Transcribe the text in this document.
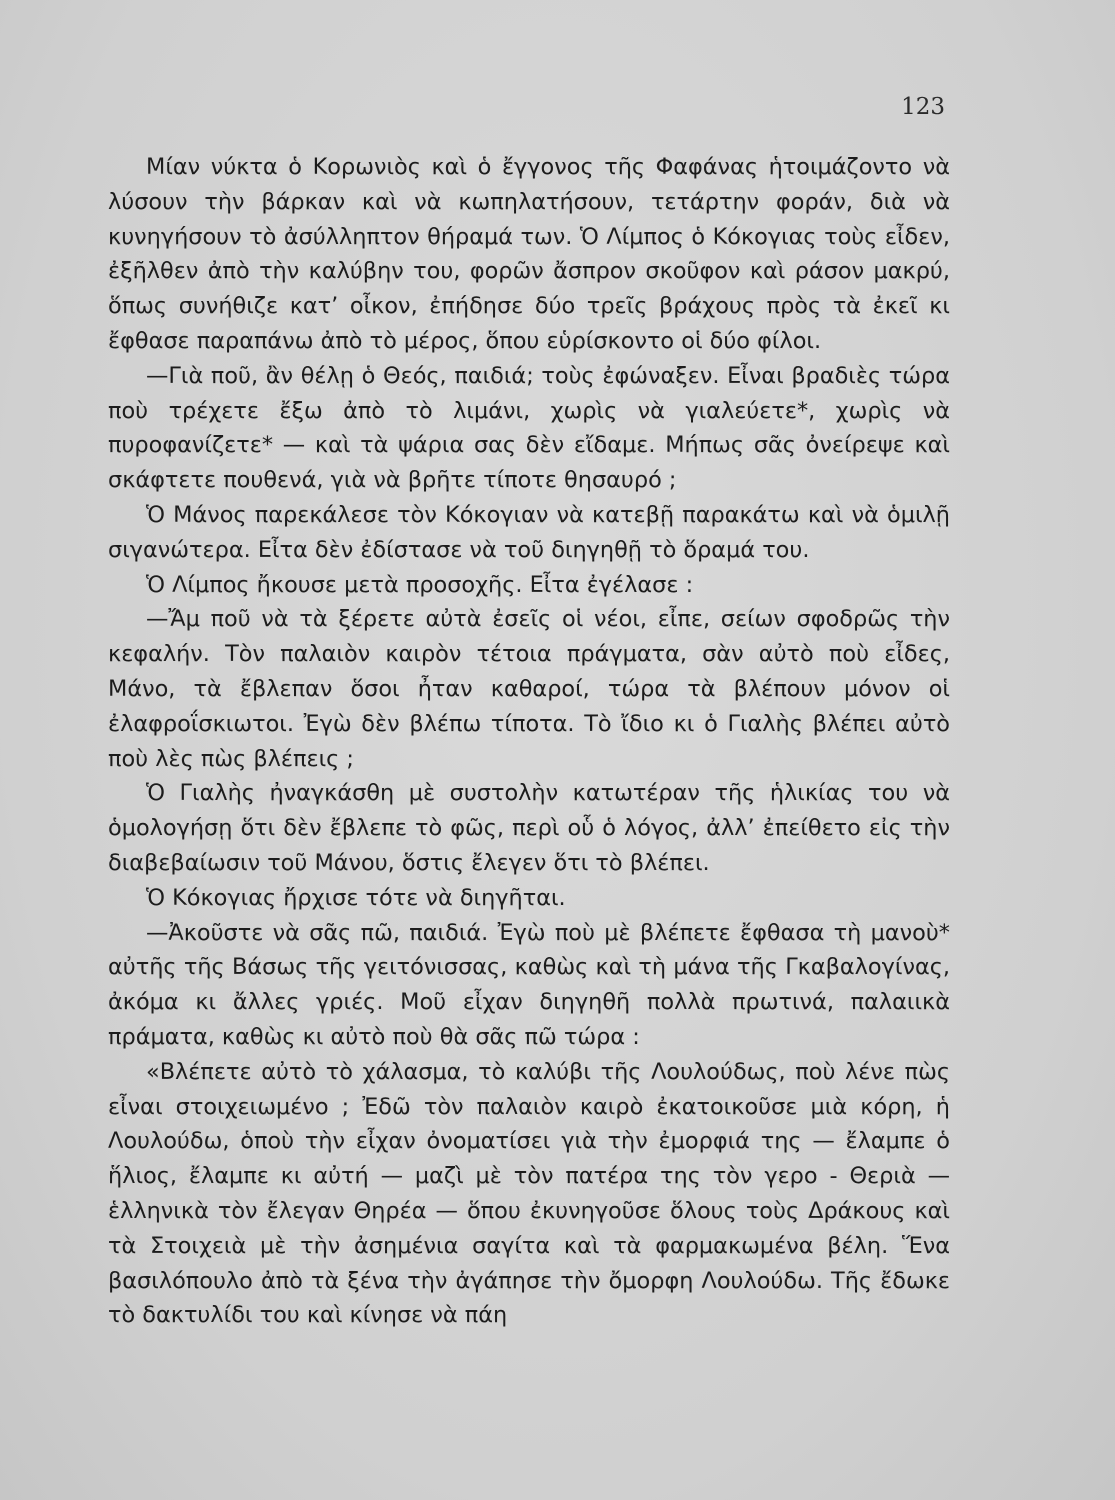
123

Μίαν νύκτα ὁ Κορωνιὸς καὶ ὁ ἔγγονος τῆς Φαφάνας ἡτοιμάζοντο νὰ λύσουν τὴν βάρκαν καὶ νὰ κωπηλατήσουν, τετάρτην φοράν, διὰ νὰ κυνηγήσουν τὸ ἀσύλληπτον θήραμά των. Ὁ Λίμπος ὁ Κόκογιας τοὺς εἶδεν, ἐξῆλθεν ἀπὸ τὴν καλύβην του, φορῶν ἄσπρον σκοῦφον καὶ ράσον μακρύ, ὅπως συνήθιζε κατ’ οἶκον, ἐπήδησε δύο τρεῖς βράχους πρὸς τὰ ἐκεῖ κι ἔφθασε παραπάνω ἀπὸ τὸ μέρος, ὅπου εὑρίσκοντο οἱ δύο φίλοι.

—Γιὰ ποῦ, ἂν θέλῃ ὁ Θεός, παιδιά; τοὺς ἐφώναξεν. Εἶναι βραδιὲς τώρα ποὺ τρέχετε ἔξω ἀπὸ τὸ λιμάνι, χωρὶς νὰ γιαλεύετε*, χωρὶς νὰ πυροφανίζετε* — καὶ τὰ ψάρια σας δὲν εἴδαμε. Μήπως σᾶς ὀνείρεψε καὶ σκάφτετε πουθενά, γιὰ νὰ βρῆτε τίποτε θησαυρό ;

Ὁ Μάνος παρεκάλεσε τὸν Κόκογιαν νὰ κατεβῇ παρακάτω καὶ νὰ ὁμιλῇ σιγανώτερα. Εἶτα δὲν ἐδίστασε νὰ τοῦ διηγηθῇ τὸ ὅραμά του.

Ὁ Λίμπος ἤκουσε μετὰ προσοχῆς. Εἶτα ἐγέλασε :

—Ἄμ ποῦ νὰ τὰ ξέρετε αὐτὰ ἐσεῖς οἱ νέοι, εἶπε, σείων σφοδρῶς τὴν κεφαλήν. Τὸν παλαιὸν καιρὸν τέτοια πράγματα, σὰν αὐτὸ ποὺ εἶδες, Μάνο, τὰ ἔβλεπαν ὅσοι ἦταν καθαροί, τώρα τὰ βλέπουν μόνον οἱ ἐλαφροΐσκιωτοι. Ἐγὼ δὲν βλέπω τίποτα. Τὸ ἴδιο κι ὁ Γιαλὴς βλέπει αὐτὸ ποὺ λὲς πὼς βλέπεις ;

Ὁ Γιαλὴς ἠναγκάσθη μὲ συστολὴν κατωτέραν τῆς ἡλικίας του νὰ ὁμολογήσῃ ὅτι δὲν ἔβλεπε τὸ φῶς, περὶ οὗ ὁ λόγος, ἀλλ’ ἐπείθετο εἰς τὴν διαβεβαίωσιν τοῦ Μάνου, ὅστις ἔλεγεν ὅτι τὸ βλέπει.

Ὁ Κόκογιας ἤρχισε τότε νὰ διηγῆται.

—Ἀκοῦστε νὰ σᾶς πῶ, παιδιά. Ἐγὼ ποὺ μὲ βλέπετε ἔφθασα τὴ μανοὺ* αὐτῆς τῆς Βάσως τῆς γειτόνισσας, καθὼς καὶ τὴ μάνα τῆς Γκαβαλογίνας, ἀκόμα κι ἄλλες γριές. Μοῦ εἶχαν διηγηθῆ πολλὰ πρωτινά, παλαιικὰ πράματα, καθὼς κι αὐτὸ ποὺ θὰ σᾶς πῶ τώρα :

«Βλέπετε αὐτὸ τὸ χάλασμα, τὸ καλύβι τῆς Λουλούδως, ποὺ λένε πὼς εἶναι στοιχειωμένο ; Ἐδῶ τὸν παλαιὸν καιρὸ ἐκατοικοῦσε μιὰ κόρη, ἡ Λουλούδω, ὁποὺ τὴν εἶχαν ὀνοματίσει γιὰ τὴν ἐμορφιά της — ἔλαμπε ὁ ἥλιος, ἔλαμπε κι αὐτή — μαζὶ μὲ τὸν πατέρα της τὸν γερο - Θεριὰ — ἑλληνικὰ τὸν ἔλεγαν Θηρέα — ὅπου ἐκυνηγοῦσε ὅλους τοὺς Δράκους καὶ τὰ Στοιχειὰ μὲ τὴν ἀσημένια σαγίτα καὶ τὰ φαρμακωμένα βέλη. Ἕνα βασιλόπουλο ἀπὸ τὰ ξένα τὴν ἀγάπησε τὴν ὄμορφη Λουλούδω. Τῆς ἔδωκε τὸ δακτυλίδι του καὶ κίνησε νὰ πάη
